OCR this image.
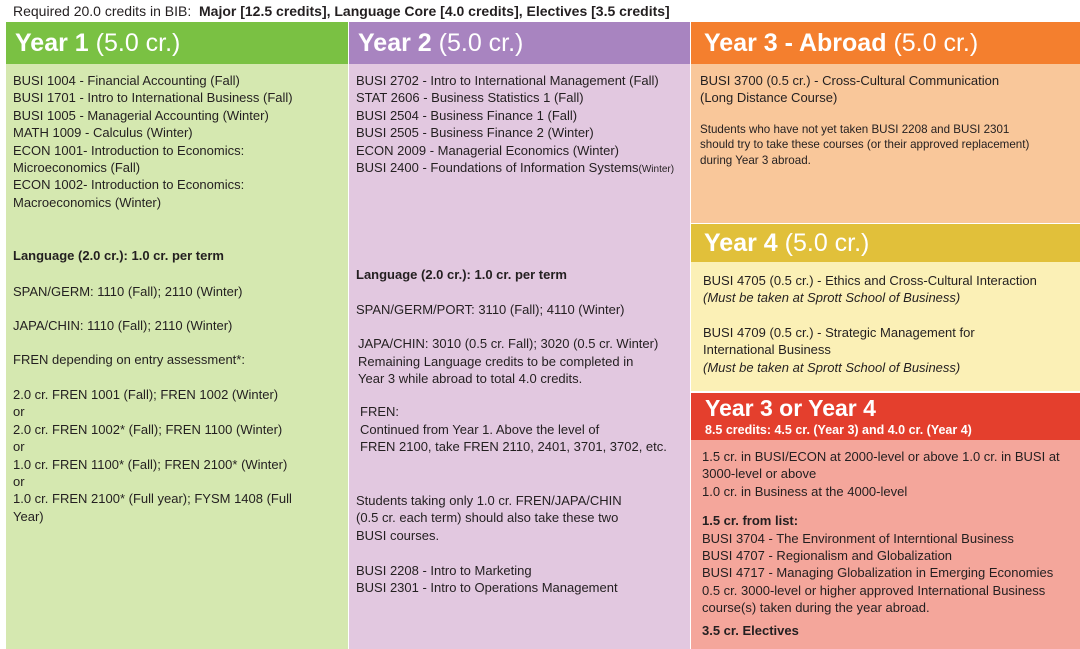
Required 20.0 credits in BIB: Major [12.5 credits], Language Core [4.0 credits], Electives [3.5 credits]
Year 1 (5.0 cr.)

BUSI 1004 - Financial Accounting (Fall)

BUSI 1701 - Intro to International Business (Fall)

BUSI 1005 - Managerial Accounting (Winter)

MATH 1009 - Calculus (Winter)

ECON 1001- Introduction to Economics:

Microeconomics (Fall)

ECON 1002- Introduction to Economics:

Macroeconomics (Winter)

Language (2.0 cr.): 1.0 cr. per term

SPAN/GERM: 1110 (Fall); 2110 (Winter)

JAPA/CHIN: 1110 (Fall); 2110 (Winter)

FREN depending on entry assessment*:

2.0 cr. FREN 1001 (Fall); FREN 1002 (Winter)

or

2.0 cr. FREN 1002* (Fall); FREN 1100 (Winter)

or

1.0 cr. FREN 1100* (Fall); FREN 2100* (Winter)

or

1.0 cr. FREN 2100* (Full year); FYSM 1408 (Full

Year)

Year 2 (5.0 cr.)

BUSI 2702 - Intro to International Management (Fall)

STAT 2606 - Business Statistics 1 (Fall)

BUSI 2504 - Business Finance 1 (Fall)

BUSI 2505 - Business Finance 2 (Winter)

ECON 2009 - Managerial Economics (Winter)

BUSI 2400 - Foundations of Information Systems(Winter)

Language (2.0 cr.): 1.0 cr. per term

SPAN/GERM/PORT: 3110 (Fall); 4110 (Winter)

JAPA/CHIN: 3010 (0.5 cr. Fall); 3020 (0.5 cr. Winter)

Remaining Language credits to be completed in

Year 3 while abroad to total 4.0 credits.

FREN:

Continued from Year 1. Above the level of

FREN 2100, take FREN 2110, 2401, 3701, 3702, etc.

Students taking only 1.0 cr. FREN/JAPA/CHIN

(0.5 cr. each term) should also take these two

BUSI courses.

BUSI 2208 - Intro to Marketing

BUSI 2301 - Intro to Operations Management

Year 3 - Abroad (5.0 cr.)

BUSI 3700 (0.5 cr.) - Cross-Cultural Communication

(Long Distance Course)

Students who have not yet taken BUSI 2208 and BUSI 2301

should try to take these courses (or their approved replacement)

during Year 3 abroad.

Year 4 (5.0 cr.)

BUSI 4705 (0.5 cr.) - Ethics and Cross-Cultural Interaction

(Must be taken at Sprott School of Business)

BUSI 4709 (0.5 cr.) - Strategic Management for

International Business

(Must be taken at Sprott School of Business)

Year 3 or Year 4
8.5 credits: 4.5 cr. (Year 3) and 4.0 cr. (Year 4)

1.5 cr. in BUSI/ECON at 2000-level or above 1.0 cr. in BUSI at

3000-level or above

1.0 cr. in Business at the 4000-level

1.5 cr. from list:

BUSI 3704 - The Environment of Interntional Business

BUSI 4707 - Regionalism and Globalization

BUSI 4717 - Managing Globalization in Emerging Economies

0.5 cr. 3000-level or higher approved International Business

course(s) taken during the year abroad.

3.5 cr. Electives
